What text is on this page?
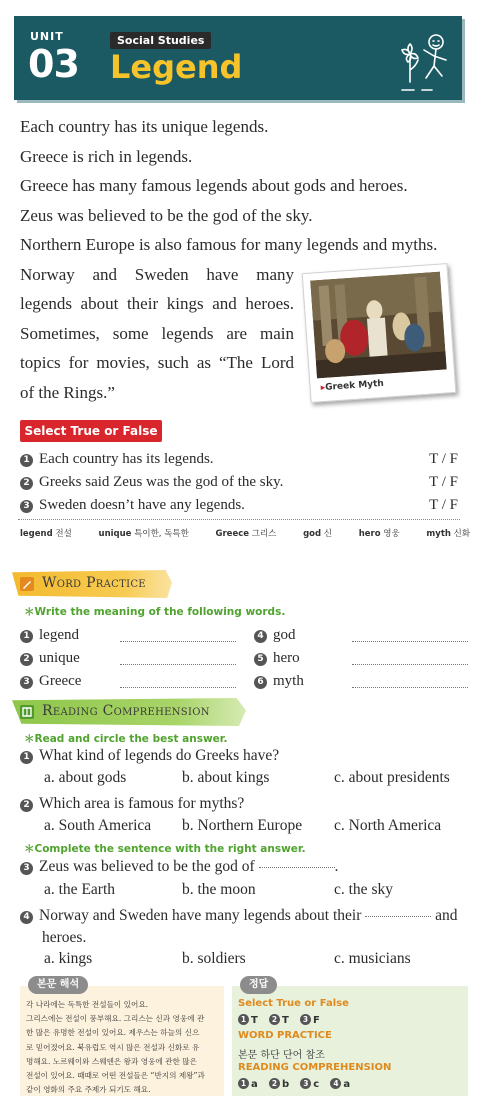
UNIT
03
Social Studies
Legend
Each country has its unique legends.
Greece is rich in legends.
Greece has many famous legends about gods and heroes.
Zeus was believed to be the god of the sky.
Northern Europe is also famous for many legends and myths.
Norway and Sweden have many
legends about their kings and heroes.
Sometimes, some legends are main
topics for movies, such as “The Lord
of the Rings.”	▸Greek Myth
Select True or False
1 Each country has its legends.	T / F
2 Greeks said Zeus was the god of the sky.	T / F
3 Sweden doesn’t have any legends.	T / F
legend 전설	unique 특이한, 독특한	Greece 그리스	god 신	hero 영웅	myth 신화
Word Practice
＊Write the meaning of the following words.
1 legend
2 unique
3 Greece
4 god
5 hero
6 myth
Reading Comprehension
＊Read and circle the best answer.
1 What kind of legends do Greeks have?
a. about gods	b. about kings	c. about presidents
2 Which area is famous for myths?
a. South America b. Northern Europe c. North America
＊Complete the sentence with the right answer.
3 Zeus was believed to be the god of	.
a. the Earth	b. the moon	c. the sky
4 Norway and Sweden have many legends about their	and
heroes.
a. kings	b. soldiers	c. musicians
본문 해석
각 나라에는 독특한 전설들이 있어요.
그리스에는 전설이 풍부해요. 그리스는 신과 영웅에 관
한 많은 유명한 전설이 있어요. 제우스는 하늘의 신으
로 믿어졌어요. 북유럽도 역시 많은 전설과 신화로 유
명해요. 노르웨이와 스웨덴은 왕과 영웅에 관한 많은
전설이 있어요. 때때로 어떤 전설들은 “반지의 제왕”과
같이 영화의 주요 주제가 되기도 해요.
정답
Select True or False
1 T 2 T 3 F
WORD PRACTICE
본문 하단 단어 참조
READING COMPREHENSION
1 a 2 b 3 c 4 a
